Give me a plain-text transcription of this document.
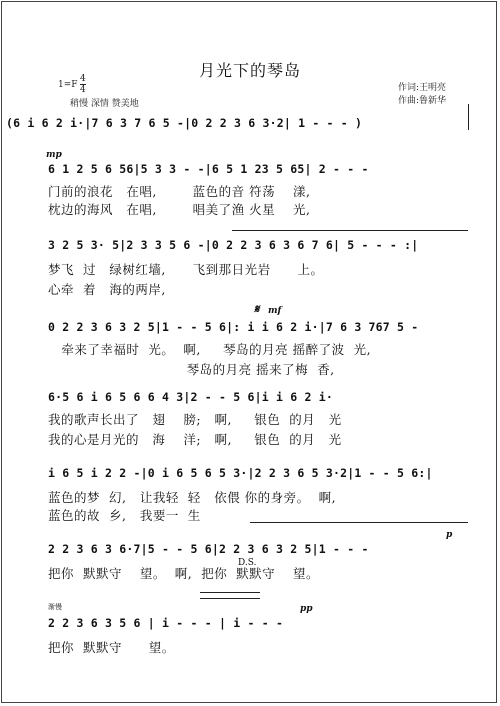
月光下的琴岛
1=F
4
4
稍慢 深情 赞美地
作词:王明亮
作曲:鲁新华
(6 i 6 2 i·|7 6 3 7 6 5 -|0 2 2 3 6 3·2| 1 - - - )
mp
6 1 2 5 6 56|5 3 3 - -|6 5 1 23 5 65| 2 - - -
门前的浪花   在唱,        蓝色的音 符荡    漾,
枕边的海风   在唱,        唱美了渔 火星    光,
3 2 5 3· 5|2 3 3 5 6 -|0 2 2 3 6 3 6 7 6| 5 - - - :|
梦飞  过   绿树红墙,      飞到那日光岩      上。
心牵  着   海的两岸,
𝄋 mf
0 2 2 3 6 3 2 5|1 - - 5 6|: i i 6 2 i·|7 6 3 767 5 -
牵来了幸福时  光。  啊,     琴岛的月亮 摇醉了波  光,
琴岛的月亮 摇来了梅  香,
6·5 6 i 6 5 6 6 4 3|2 - - 5 6|i i 6 2 i·
我的歌声长出了   翅    膀;   啊,     银色  的月   光
我的心是月光的   海    洋;   啊,     银色  的月   光
i 6 5 i 2 2 -|0 i 6 5 6 5 3·|2 2 3 6 5 3·2|1 - - 5 6:|
蓝色的梦  幻,   让我轻  轻   依偎 你的身旁。  啊,
蓝色的故  乡,   我要一  生
p
2 2 3 6 3 6·7|5 - - 5 6|2 2 3 6 3 2 5|1 - - -
D.S.
把你  默默守    望。  啊,  把你  默默守    望。
渐慢	pp
2 2 3 6 3 5 6 | i - - - | i - - -
把你  默默守      望。
